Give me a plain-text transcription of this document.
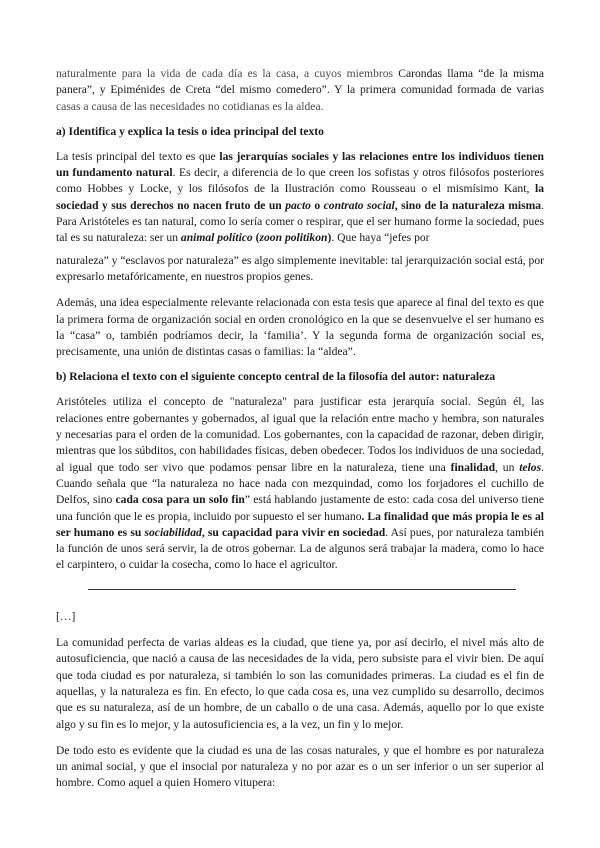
naturalmente para la vida de cada día es la casa, a cuyos miembros Carondas llama “de la misma panera”, y Epiménides de Creta “del mismo comedero”. Y la primera comunidad formada de varias casas a causa de las necesidades no cotidianas es la aldea.

a) Identifica y explica la tesis o idea principal del texto

La tesis principal del texto es que las jerarquías sociales y las relaciones entre los individuos tienen un fundamento natural. Es decir, a diferencia de lo que creen los sofistas y otros filósofos posteriores como Hobbes y Locke, y los filósofos de la Ilustración como Rousseau o el mismísimo Kant, la sociedad y sus derechos no nacen fruto de un pacto o contrato social, sino de la naturaleza misma. Para Aristóteles es tan natural, como lo sería comer o respirar, que el ser humano forme la sociedad, pues tal es su naturaleza: ser un animal político (zoon politikon). Que haya “jefes por

naturaleza” y “esclavos por naturaleza” es algo simplemente inevitable: tal jerarquización social está, por expresarlo metafóricamente, en nuestros propios genes.

Además, una idea especialmente relevante relacionada con esta tesis que aparece al final del texto es que la primera forma de organización social en orden cronológico en la que se desenvuelve el ser humano es la “casa” o, también podríamos decir, la ‘familia’. Y la segunda forma de organización social es, precisamente, una unión de distintas casas o familias: la “aldea”.

b) Relaciona el texto con el siguiente concepto central de la filosofía del autor: naturaleza

Aristóteles utiliza el concepto de "naturaleza" para justificar esta jerarquía social. Según él, las relaciones entre gobernantes y gobernados, al igual que la relación entre macho y hembra, son naturales y necesarias para el orden de la comunidad. Los gobernantes, con la capacidad de razonar, deben dirigir, mientras que los súbditos, con habilidades físicas, deben obedecer. Todos los individuos de una sociedad, al igual que todo ser vivo que podamos pensar libre en la naturaleza, tiene una finalidad, un telos. Cuando señala que “la naturaleza no hace nada con mezquindad, como los forjadores el cuchillo de Delfos, sino cada cosa para un solo fin” está hablando justamente de esto: cada cosa del universo tiene una función que le es propia, incluido por supuesto el ser humano. La finalidad que más propia le es al ser humano es su sociabilidad, su capacidad para vivir en sociedad. Así pues, por naturaleza también la función de unos será servir, la de otros gobernar. La de algunos será trabajar la madera, como lo hace el carpintero, o cuidar la cosecha, como lo hace el agricultor.

[…]

La comunidad perfecta de varias aldeas es la ciudad, que tiene ya, por así decirlo, el nivel más alto de autosuficiencia, que nació a causa de las necesidades de la vida, pero subsiste para el vivir bien. De aquí que toda ciudad es por naturaleza, si también lo son las comunidades primeras. La ciudad es el fin de aquellas, y la naturaleza es fin. En efecto, lo que cada cosa es, una vez cumplido su desarrollo, decimos que es su naturaleza, así de un hombre, de un caballo o de una casa. Además, aquello por lo que existe algo y su fin es lo mejor, y la autosuficiencia es, a la vez, un fin y lo mejor.

De todo esto es evidente que la ciudad es una de las cosas naturales, y que el hombre es por naturaleza un animal social, y que el insocial por naturaleza y no por azar es o un ser inferior o un ser superior al hombre. Como aquel a quien Homero vitupera:
